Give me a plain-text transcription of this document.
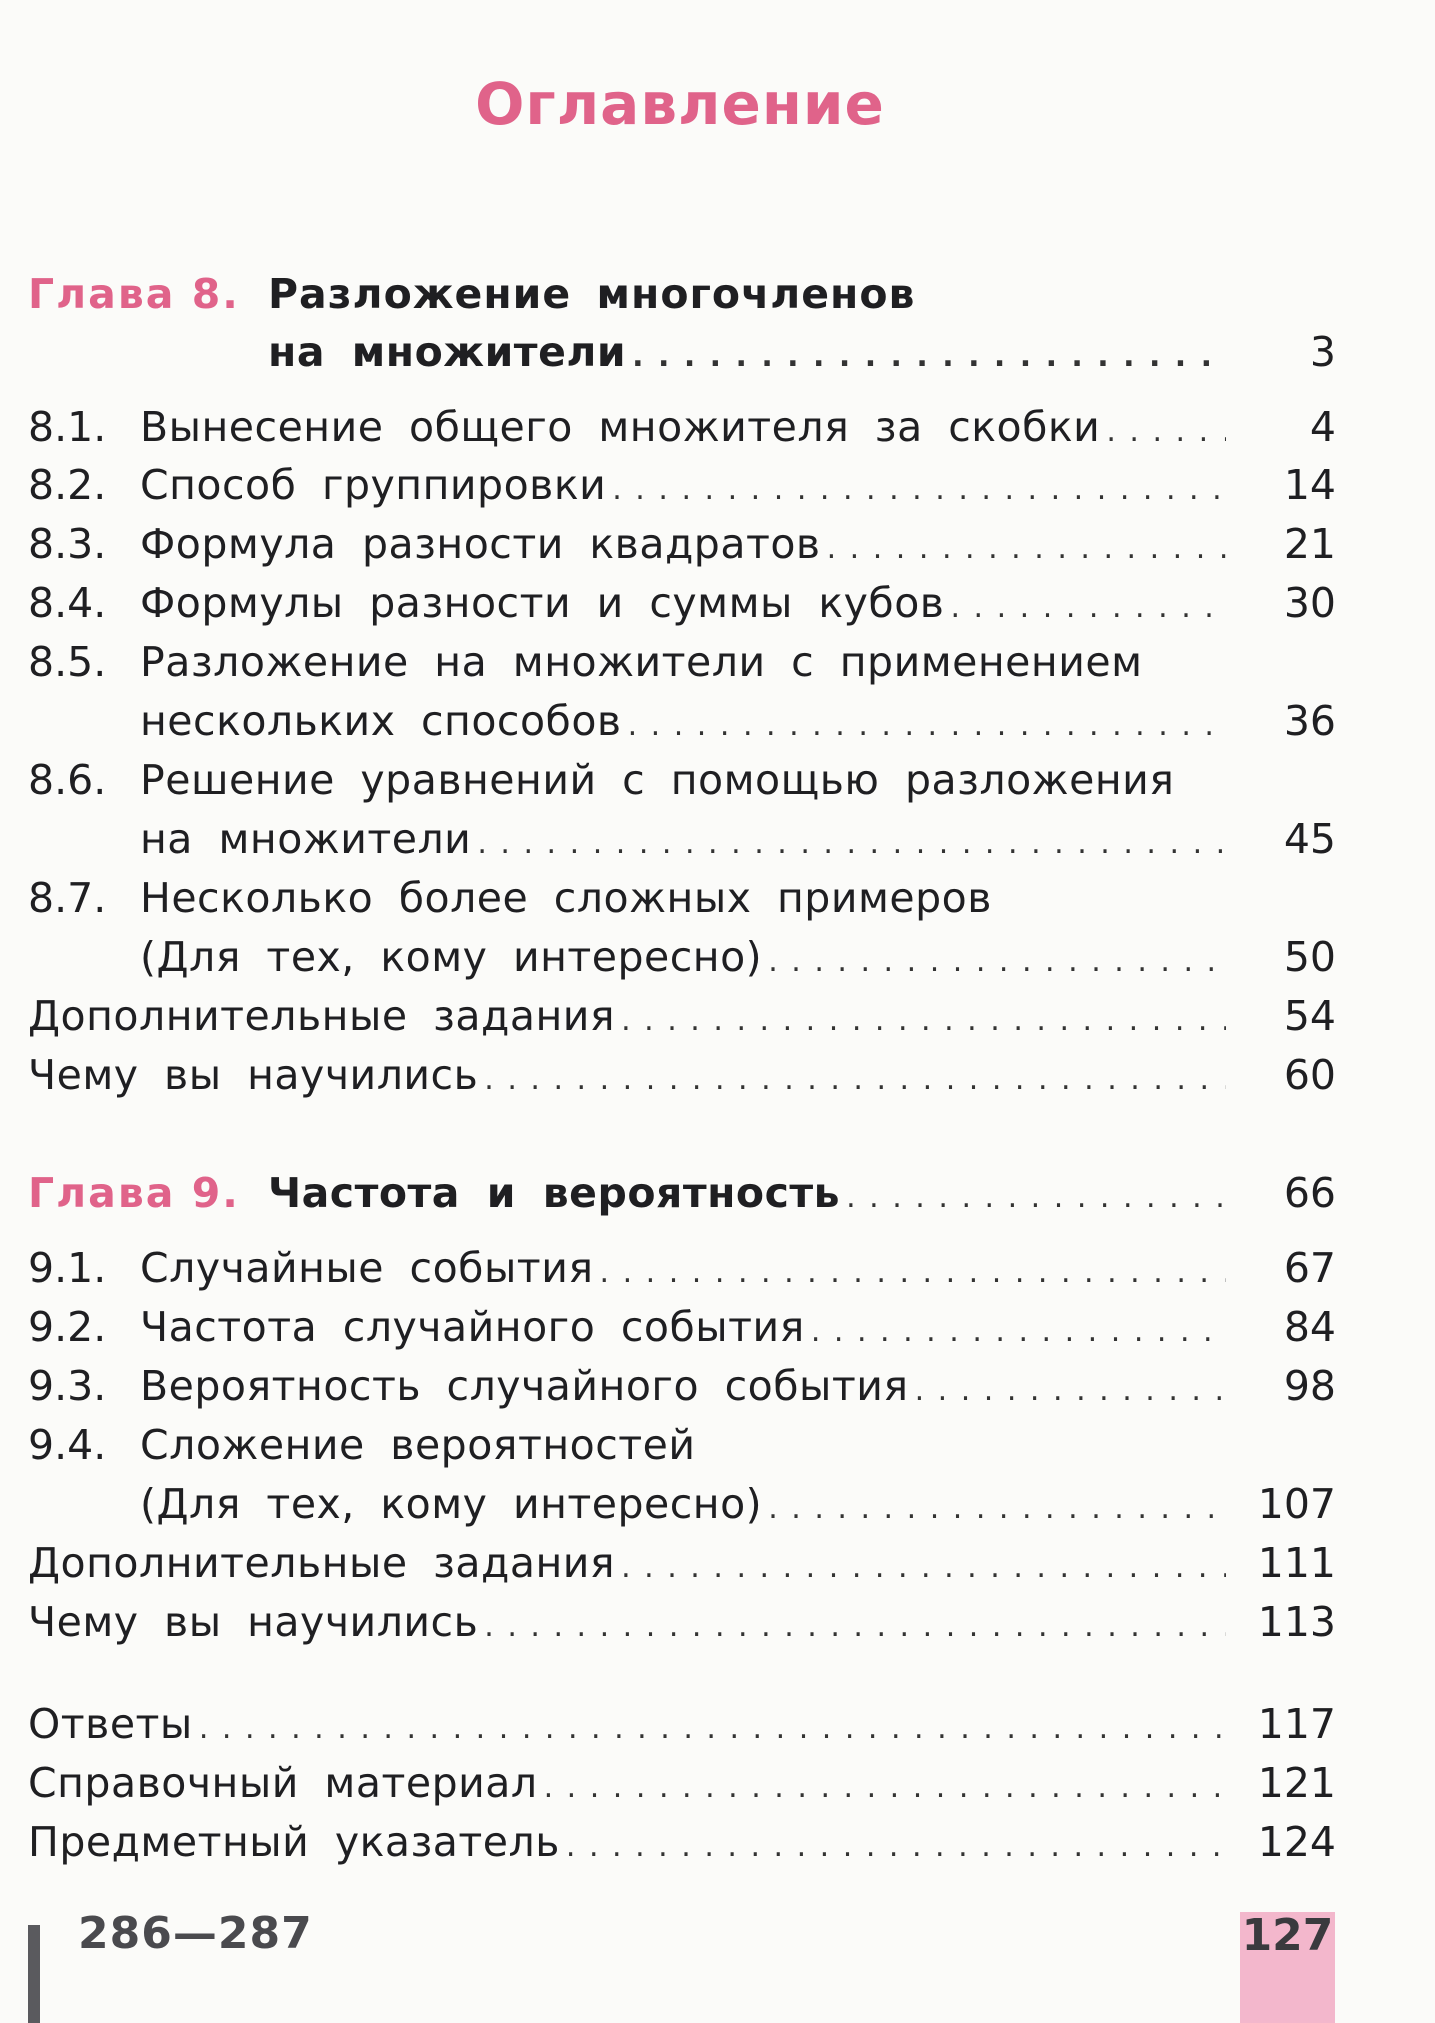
Оглавление
Глава 8. Разложение многочленов
на множители . . .	3
8.1. Вынесение общего множителя за скобки . . .	4
8.2. Способ группировки . . .	14
8.3. Формула разности квадратов . . .	21
8.4. Формулы разности и суммы кубов . . .	30
8.5. Разложение на множители с применением
нескольких способов . . .	36
8.6. Решение уравнений с помощью разложения
на множители . . .	45
8.7. Несколько более сложных примеров
(Для тех, кому интересно) . . .	50
Дополнительные задания . . .	54
Чему вы научились . . .	60
Глава 9. Частота и вероятность . . .	66
9.1. Случайные события . . .	67
9.2. Частота случайного события . . .	84
9.3. Вероятность случайного события . . .	98
9.4. Сложение вероятностей
(Для тех, кому интересно) . . .	107
Дополнительные задания . . .	111
Чему вы научились . . .	113
Ответы . . .	117
Справочный материал . . .	121
Предметный указатель . . .	124
286—287	127
